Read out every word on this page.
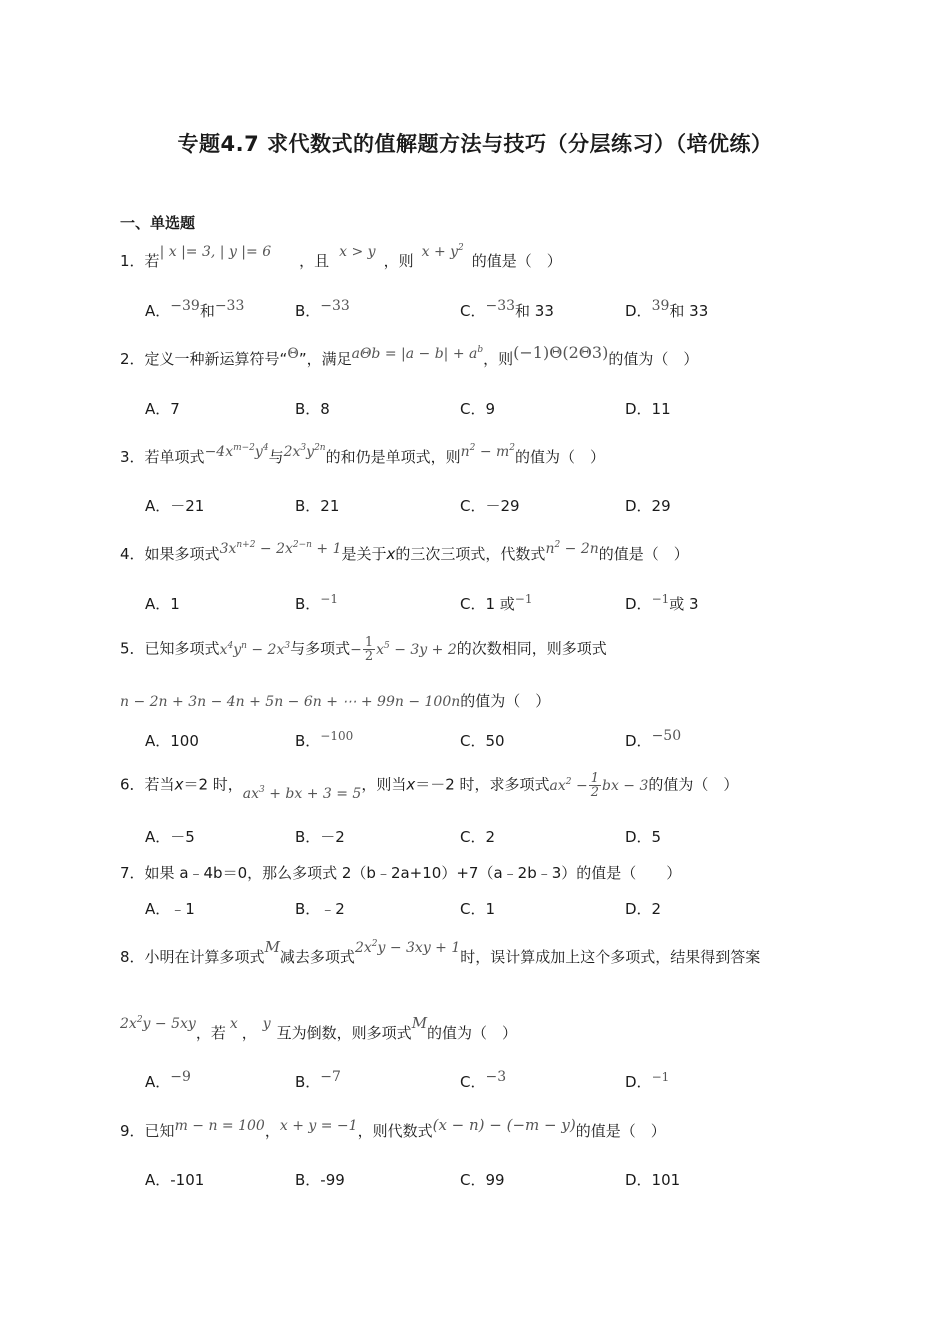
专题4.7 求代数式的值解题方法与技巧（分层练习）（培优练）
一、单选题
1．若| x |= 3, | y |= 6 ，且 x > y ，则 $x + y^2$的值是（　）
A．−39和−33	B．−33	C．−33和 33	D．39和 33
2．定义一种新运算符号“Θ”，满足$a\Theta b = |a - b| + a^b$，则(−1)Θ(2Θ3)的值为（　）
A．7	B．8	C．9	D．11
3．若单项式$-4x^{m-2}y^4$与$2x^3y^{2n}$的和仍是单项式，则$n^2 - m^2$的值为（　）
A．－21	B．21	C．－29	D．29
4．如果多项式$3x^{n+2} - 2x^{2-n} + 1$是关于x的三次三项式，代数式$n^2 - 2n$的值是（　）
A．1	B．$^{-1}$	C．1 或$^{-1}$	D．$^{-1}$或 3
5．已知多项式$x^4y^n - 2x^3$与多项式− $\frac{1}{2} x^5 - 3y + 2$的次数相同，则多项式
n − 2n + 3n − 4n + 5n − 6n + ⋯ + 99n − 100n的值为（　）
A．100	B．$^{-100}$	C．50	D．−50
6．若当x＝2 时，$ax^3$ + bx + 3 = 5，则当x＝－2 时，求多项式$ax^2 - \frac{1}{2}$ bx − 3的值为（　）
A．－5	B．－2	C．2	D．5
7．如果 a﹣4b＝0，那么多项式 2（b﹣2a+10）+7（a﹣2b﹣3）的值是（　　）
A．﹣1	B．﹣2	C．1	D．2
8．小明在计算多项式M减去多项式$2x^2y - 3xy + 1$时，误计算成加上这个多项式，结果得到答案
$2x^2y - 5xy$，若 x ， y 互为倒数，则多项式M的值为（　）
A．−9	B．−7	C．−3	D．$^{-1}$
9．已知m − n = 100，x + y = −1，则代数式(x − n) − (−m − y)的值是（　）
A．-101	B．-99	C．99	D．101
